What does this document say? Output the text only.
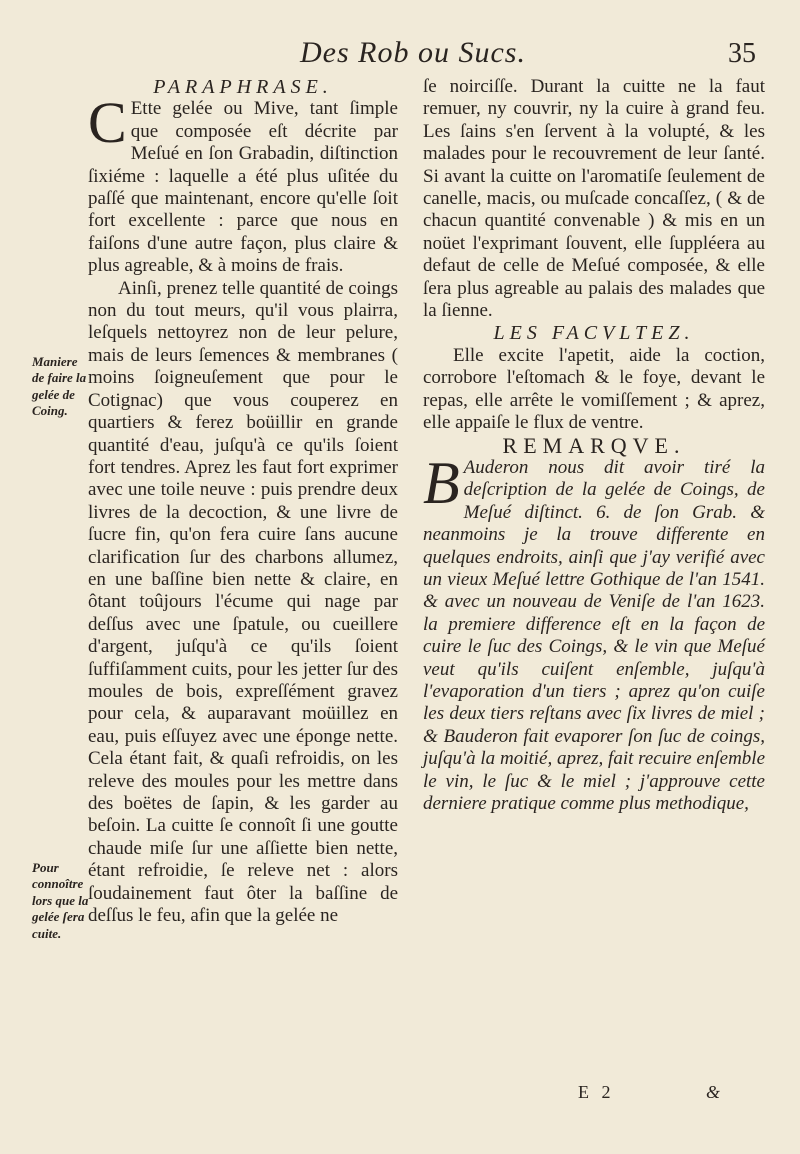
Des Rob ou Sucs.	35
Maniere de faire la gelée de Coing.
Pour connoître lors que la gelée ſera cuite.

PARAPHRASE.

C Ette gelée ou Mive, tant ſimple que composée eſt décrite par Meſué en ſon Grabadin, diſtinction ſixiéme : laquelle a été plus uſitée du paſſé que maintenant, encore qu'elle ſoit fort excellente : parce que nous en faiſons d'une autre façon, plus claire & plus agreable, & à moins de frais.

Ainſi, prenez telle quantité de coings non du tout meurs, qu'il vous plairra, leſquels nettoyrez non de leur pelure, mais de leurs ſemences & membranes ( moins ſoigneuſement que pour le Cotignac) que vous couperez en quartiers & ferez boüillir en grande quantité d'eau, juſqu'à ce qu'ils ſoient fort tendres. Aprez les faut fort exprimer avec une toile neuve : puis prendre deux livres de la decoction, & une livre de ſucre fin, qu'on fera cuire ſans aucune clarification ſur des charbons allumez, en une baſſine bien nette & claire, en ôtant toûjours l'écume qui nage par deſſus avec une ſpatule, ou cueillere d'argent, juſqu'à ce qu'ils ſoient ſuffiſamment cuits, pour les jetter ſur des moules de bois, expreſſément gravez pour cela, & auparavant moüillez en eau, puis eſſuyez avec une éponge nette. Cela étant fait, & quaſi refroidis, on les releve des moules pour les mettre dans des boëtes de ſapin, & les garder au beſoin. La cuitte ſe connoît ſi une goutte chaude miſe ſur une aſſiette bien nette, étant refroidie, ſe releve net : alors ſoudainement faut ôter la baſſine de deſſus le feu, afin que la gelée ne

ſe noirciſſe. Durant la cuitte ne la faut remuer, ny couvrir, ny la cuire à grand feu. Les ſains s'en ſervent à la volupté, & les malades pour le recouvrement de leur ſanté. Si avant la cuitte on l'aromatiſe ſeulement de canelle, macis, ou muſcade concaſſez, ( & de chacun quantité convenable ) & mis en un noüet l'exprimant ſouvent, elle ſuppléera au defaut de celle de Meſué composée, & elle ſera plus agreable au palais des malades que la ſienne.

LES FACVLTEZ.

Elle excite l'apetit, aide la coction, corrobore l'eſtomach & le foye, devant le repas, elle arrête le vomiſſement ; & aprez, elle appaiſe le flux de ventre.

REMARQVE.

B Auderon nous dit avoir tiré la deſcription de la gelée de Coings, de Meſué diſtinct. 6. de ſon Grab. & neanmoins je la trouve differente en quelques endroits, ainſi que j'ay verifié avec un vieux Meſué lettre Gothique de l'an 1541. & avec un nouveau de Veniſe de l'an 1623. la premiere difference eſt en la façon de cuire le ſuc des Coings, & le vin que Meſué veut qu'ils cuiſent enſemble, juſqu'à l'evaporation d'un tiers ; aprez qu'on cuiſe les deux tiers reſtans avec ſix livres de miel ; & Bauderon fait evaporer ſon ſuc de coings, juſqu'à la moitié, aprez, fait recuire enſemble le vin, le ſuc & le miel ; j'approuve cette derniere pratique comme plus methodique,

E 2	&
